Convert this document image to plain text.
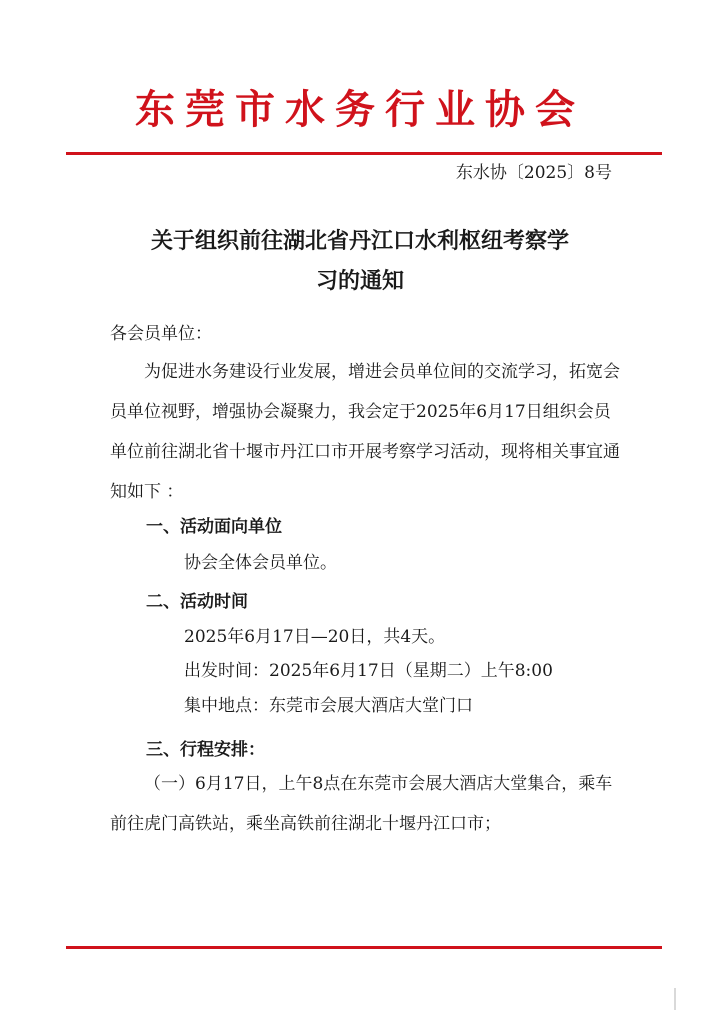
东莞市水务行业协会
东水协〔2025〕8号
关于组织前往湖北省丹江口水利枢纽考察学
习的通知
各会员单位：

为促进水务建设行业发展，增进会员单位间的交流学习，拓宽会员单位视野，增强协会凝聚力，我会定于2025年6月17日组织会员单位前往湖北省十堰市丹江口市开展考察学习活动，现将相关事宜通知如下 ：

一、活动面向单位
协会全体会员单位。
二、活动时间
2025年6月17日—20日，共4天。
出发时间：2025年6月17日（星期二）上午8:00
集中地点：东莞市会展大酒店大堂门口
三、行程安排：

（一）6月17日，上午8点在东莞市会展大酒店大堂集合，乘车前往虎门高铁站，乘坐高铁前往湖北十堰丹江口市；
